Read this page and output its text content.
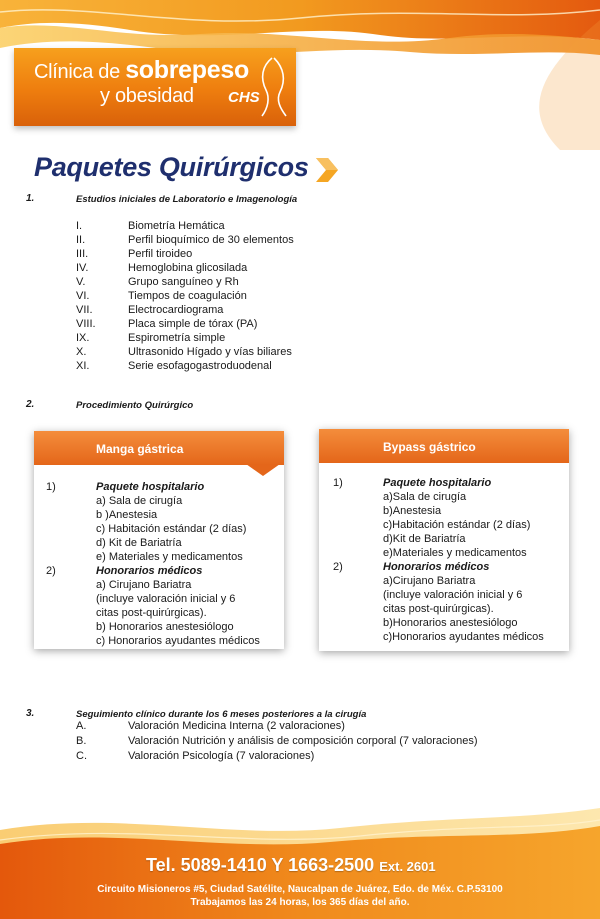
Clínica de sobrepeso
y obesidad CHS
Paquetes Quirúrgicos
1.	Estudios iniciales de Laboratorio e Imagenología
I.	Biometría Hemática
II.	Perfil bioquímico de 30 elementos
III.	Perfil tiroideo
IV.	Hemoglobina glicosilada
V.	Grupo sanguíneo y Rh
VI.	Tiempos de coagulación
VII.	Electrocardiograma
VIII.	Placa simple de tórax (PA)
IX.	Espirometría simple
X.	Ultrasonido Hígado y vías biliares
XI.	Serie esofagogastroduodenal
2.	Procedimiento Quirúrgico
Manga gástrica
1)	Paquete hospitalario
a) Sala de cirugía
b )Anestesia
c) Habitación estándar (2 días)
d) Kit de Bariatría
e) Materiales y medicamentos
2)	Honorarios médicos
a) Cirujano Bariatra
(incluye valoración inicial y 6
citas post-quirúrgicas).
b) Honorarios anestesiólogo
c) Honorarios ayudantes médicos
Bypass gástrico
1)	Paquete hospitalario
a)Sala de cirugía
b)Anestesia
c)Habitación estándar (2 días)
d)Kit de Bariatría
e)Materiales y medicamentos
2)	Honorarios médicos
a)Cirujano Bariatra
(incluye valoración inicial y 6
citas post-quirúrgicas).
b)Honorarios anestesiólogo
c)Honorarios ayudantes médicos
3.	Seguimiento clínico durante los 6 meses posteriores a la cirugía
A.	Valoración Medicina Interna (2 valoraciones)
B.	Valoración Nutrición y análisis de composición corporal (7 valoraciones)
C.	Valoración Psicología (7 valoraciones)
Tel. 5089-1410 Y 1663-2500 Ext. 2601
Circuito Misioneros #5, Ciudad Satélite, Naucalpan de Juárez, Edo. de Méx. C.P.53100
Trabajamos las 24 horas, los 365 días del año.
